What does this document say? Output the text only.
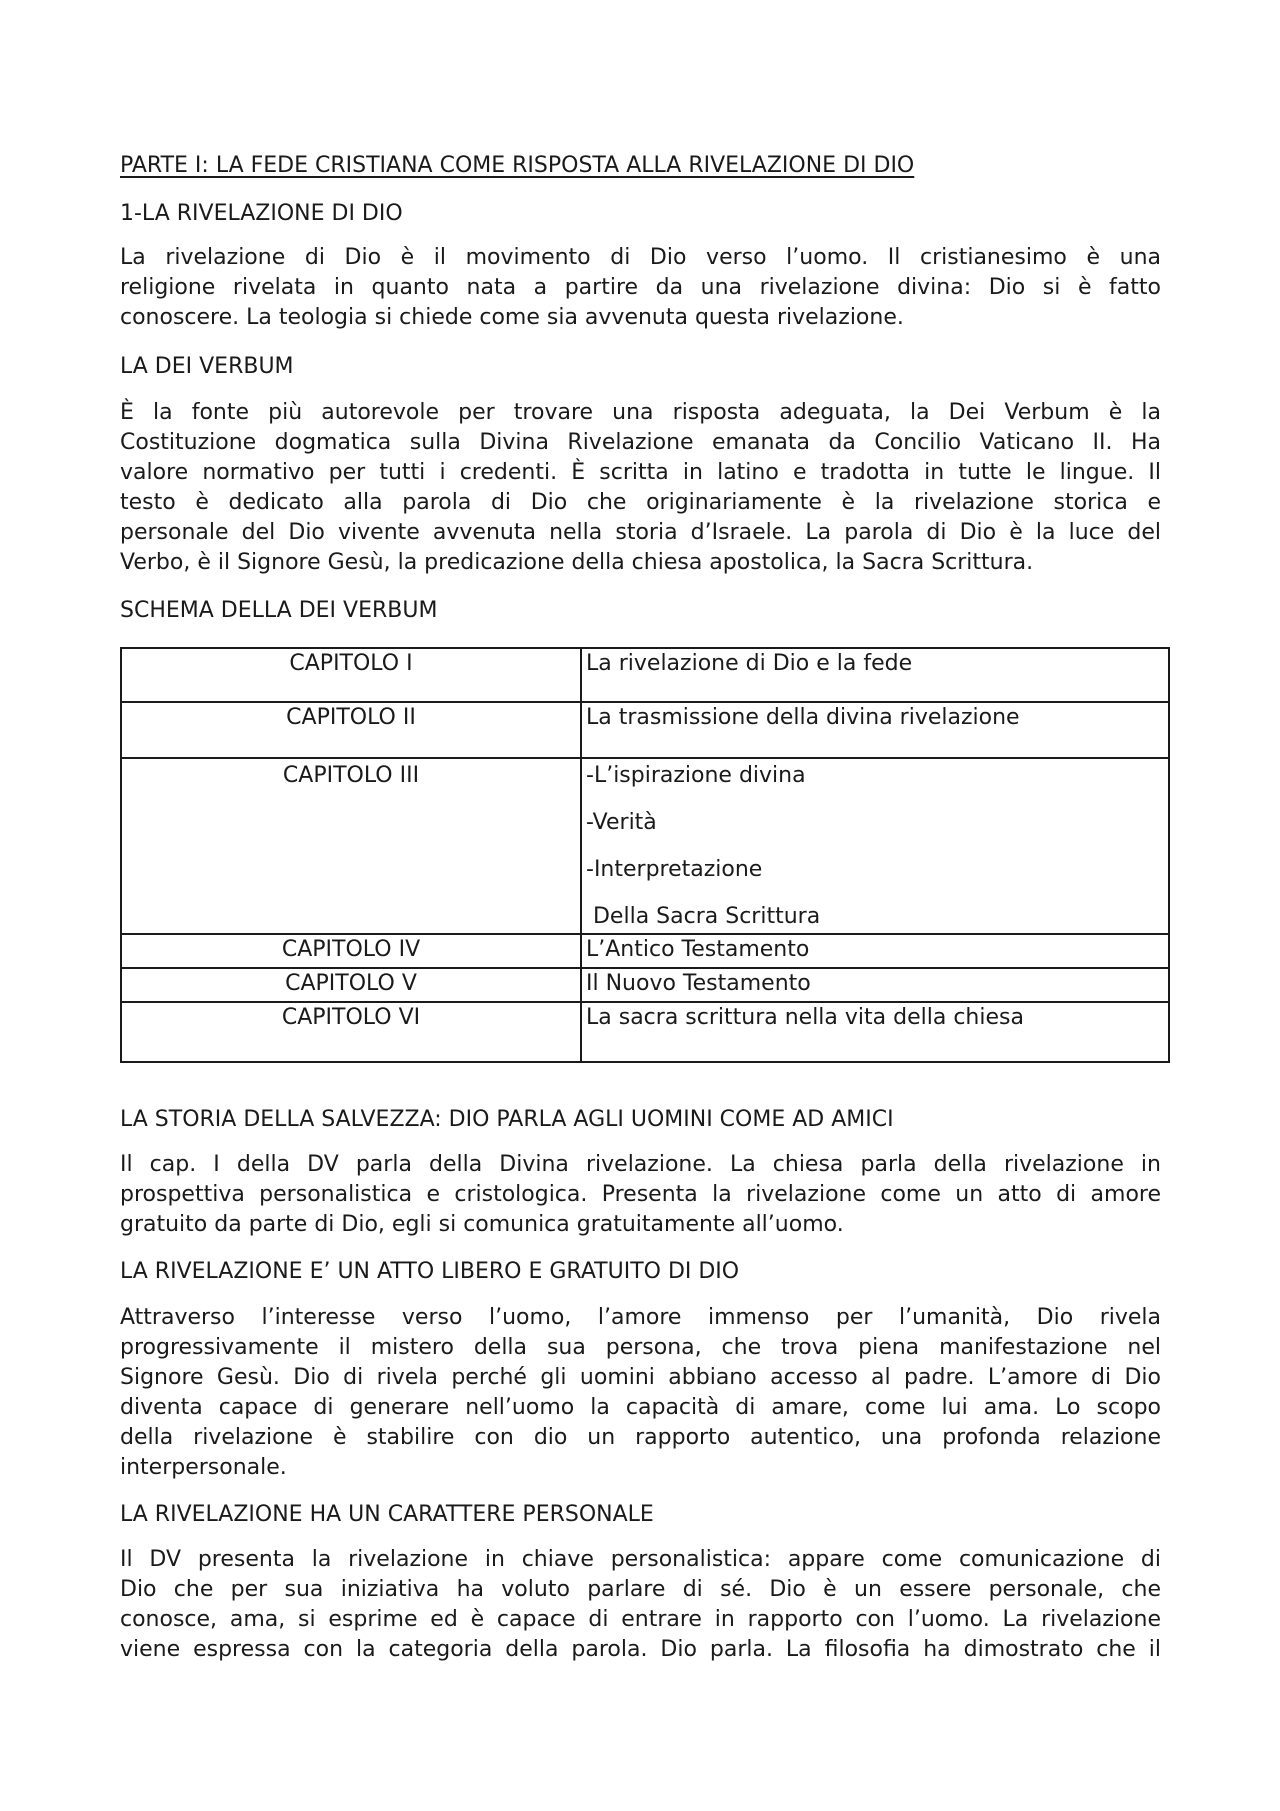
PARTE I: LA FEDE CRISTIANA COME RISPOSTA ALLA RIVELAZIONE DI DIO

1-LA RIVELAZIONE DI DIO

La rivelazione di Dio è il movimento di Dio verso l’uomo. Il cristianesimo è una

religione rivelata in quanto nata a partire da una rivelazione divina: Dio si è fatto

conoscere. La teologia si chiede come sia avvenuta questa rivelazione.

LA DEI VERBUM

È la fonte più autorevole per trovare una risposta adeguata, la Dei Verbum è la

Costituzione dogmatica sulla Divina Rivelazione emanata da Concilio Vaticano II. Ha

valore normativo per tutti i credenti. È scritta in latino e tradotta in tutte le lingue. Il

testo è dedicato alla parola di Dio che originariamente è la rivelazione storica e

personale del Dio vivente avvenuta nella storia d’Israele. La parola di Dio è la luce del

Verbo, è il Signore Gesù, la predicazione della chiesa apostolica, la Sacra Scrittura.

SCHEMA DELLA DEI VERBUM

CAPITOLO I	La rivelazione di Dio e la fede

CAPITOLO II	La trasmissione della divina rivelazione

CAPITOLO III	-L’ispirazione divina
-Verità
-Interpretazione
Della Sacra Scrittura

CAPITOLO IV	L’Antico Testamento

CAPITOLO V	Il Nuovo Testamento

CAPITOLO VI	La sacra scrittura nella vita della chiesa

LA STORIA DELLA SALVEZZA: DIO PARLA AGLI UOMINI COME AD AMICI

Il cap. I della DV parla della Divina rivelazione. La chiesa parla della rivelazione in

prospettiva personalistica e cristologica. Presenta la rivelazione come un atto di amore

gratuito da parte di Dio, egli si comunica gratuitamente all’uomo.

LA RIVELAZIONE E’ UN ATTO LIBERO E GRATUITO DI DIO

Attraverso l’interesse verso l’uomo, l’amore immenso per l’umanità, Dio rivela

progressivamente il mistero della sua persona, che trova piena manifestazione nel

Signore Gesù. Dio di rivela perché gli uomini abbiano accesso al padre. L’amore di Dio

diventa capace di generare nell’uomo la capacità di amare, come lui ama. Lo scopo

della rivelazione è stabilire con dio un rapporto autentico, una profonda relazione

interpersonale.

LA RIVELAZIONE HA UN CARATTERE PERSONALE

Il DV presenta la rivelazione in chiave personalistica: appare come comunicazione di

Dio che per sua iniziativa ha voluto parlare di sé. Dio è un essere personale, che

conosce, ama, si esprime ed è capace di entrare in rapporto con l’uomo. La rivelazione

viene espressa con la categoria della parola. Dio parla. La filosofia ha dimostrato che il
